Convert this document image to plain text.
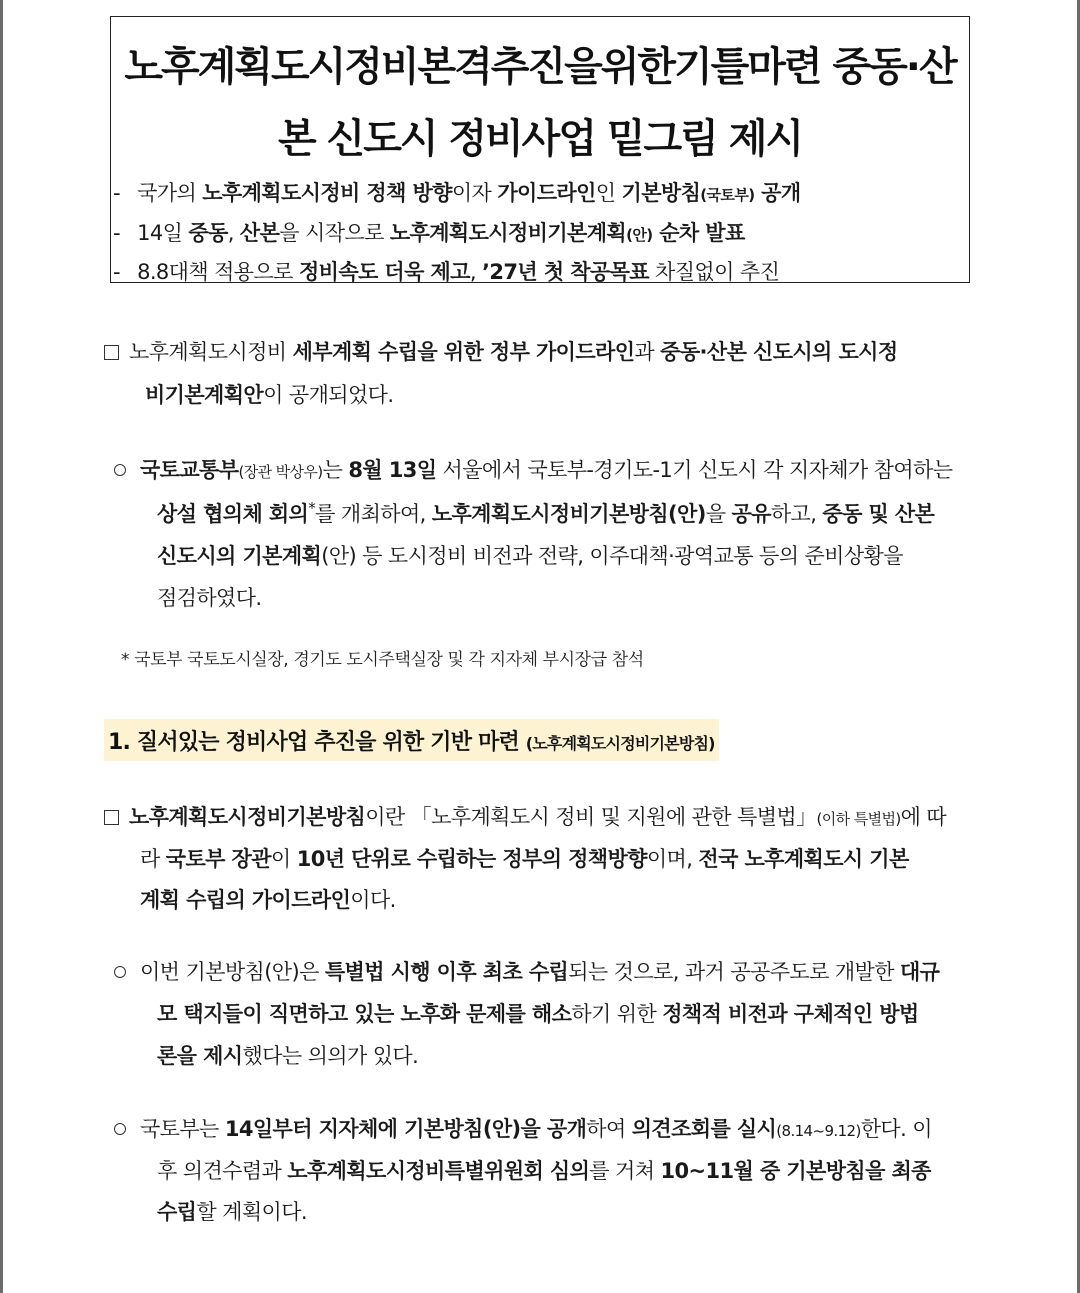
노후계획도시정비본격추진을위한기틀마련 중동·산
본 신도시 정비사업 밑그림 제시
- 국가의 노후계획도시정비 정책 방향이자 가이드라인인 기본방침(국토부) 공개
- 14일 중동, 산본을 시작으로 노후계획도시정비기본계획(안) 순차 발표
- 8.8대책 적용으로 정비속도 더욱 제고, ’27년 첫 착공목표 차질없이 추진
노후계획도시정비 세부계획 수립을 위한 정부 가이드라인과 중동·산본 신도시의 도시정
비기본계획안이 공개되었다.
국토교통부(장관 박상우)는 8월 13일 서울에서 국토부-경기도-1기 신도시 각 지자체가 참여하는
상설 협의체 회의*를 개최하여, 노후계획도시정비기본방침(안)을 공유하고, 중동 및 산본
신도시의 기본계획(안) 등 도시정비 비전과 전략, 이주대책·광역교통 등의 준비상황을
점검하였다.
* 국토부 국토도시실장, 경기도 도시주택실장 및 각 지자체 부시장급 참석
1. 질서있는 정비사업 추진을 위한 기반 마련 (노후계획도시정비기본방침)
노후계획도시정비기본방침이란 「노후계획도시 정비 및 지원에 관한 특별법」(이하 특별법)에 따
라 국토부 장관이 10년 단위로 수립하는 정부의 정책방향이며, 전국 노후계획도시 기본
계획 수립의 가이드라인이다.
이번 기본방침(안)은 특별법 시행 이후 최초 수립되는 것으로, 과거 공공주도로 개발한 대규
모 택지들이 직면하고 있는 노후화 문제를 해소하기 위한 정책적 비전과 구체적인 방법
론을 제시했다는 의의가 있다.
국토부는 14일부터 지자체에 기본방침(안)을 공개하여 의견조회를 실시(8.14~9.12)한다. 이
후 의견수렴과 노후계획도시정비특별위원회 심의를 거쳐 10~11월 중 기본방침을 최종
수립할 계획이다.
